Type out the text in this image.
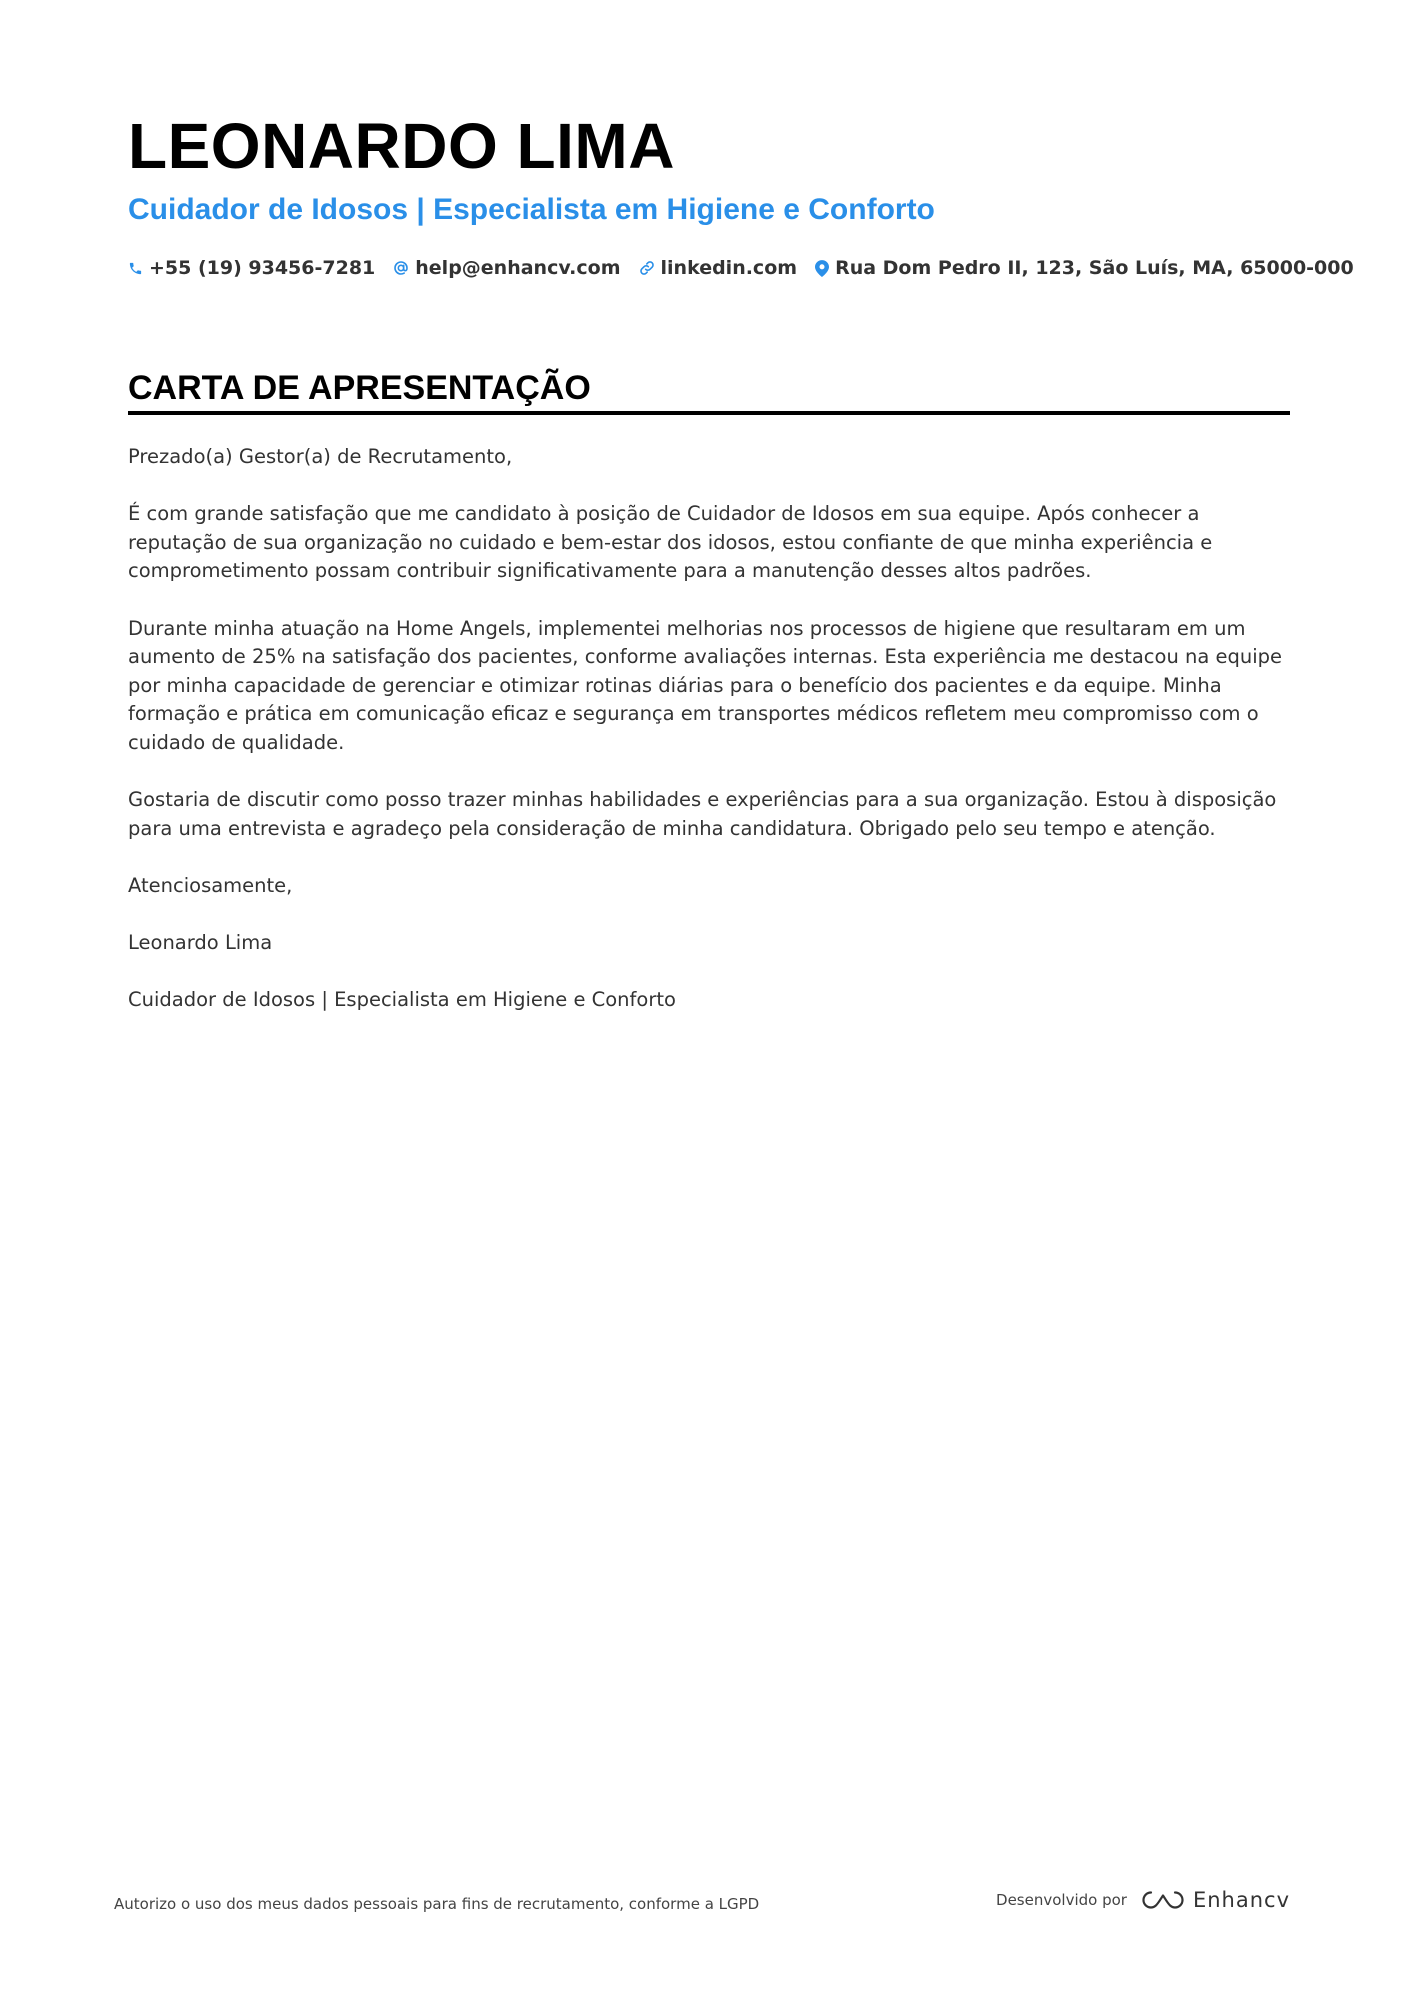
LEONARDO LIMA
Cuidador de Idosos | Especialista em Higiene e Conforto
+55 (19) 93456-7281 help@enhancv.com linkedin.com Rua Dom Pedro II, 123, São Luís, MA, 65000-000
CARTA DE APRESENTAÇÃO

Prezado(a) Gestor(a) de Recrutamento,

É com grande satisfação que me candidato à posição de Cuidador de Idosos em sua equipe. Após conhecer a reputação de sua organização no cuidado e bem-estar dos idosos, estou confiante de que minha experiência e comprometimento possam contribuir significativamente para a manutenção desses altos padrões.

Durante minha atuação na Home Angels, implementei melhorias nos processos de higiene que resultaram em um aumento de 25% na satisfação dos pacientes, conforme avaliações internas. Esta experiência me destacou na equipe por minha capacidade de gerenciar e otimizar rotinas diárias para o benefício dos pacientes e da equipe. Minha formação e prática em comunicação eficaz e segurança em transportes médicos refletem meu compromisso com o cuidado de qualidade.

Gostaria de discutir como posso trazer minhas habilidades e experiências para a sua organização. Estou à disposição para uma entrevista e agradeço pela consideração de minha candidatura. Obrigado pelo seu tempo e atenção.

Atenciosamente,

Leonardo Lima

Cuidador de Idosos | Especialista em Higiene e Conforto

Autorizo o uso dos meus dados pessoais para fins de recrutamento, conforme a LGPD	Desenvolvido por	Enhancv
